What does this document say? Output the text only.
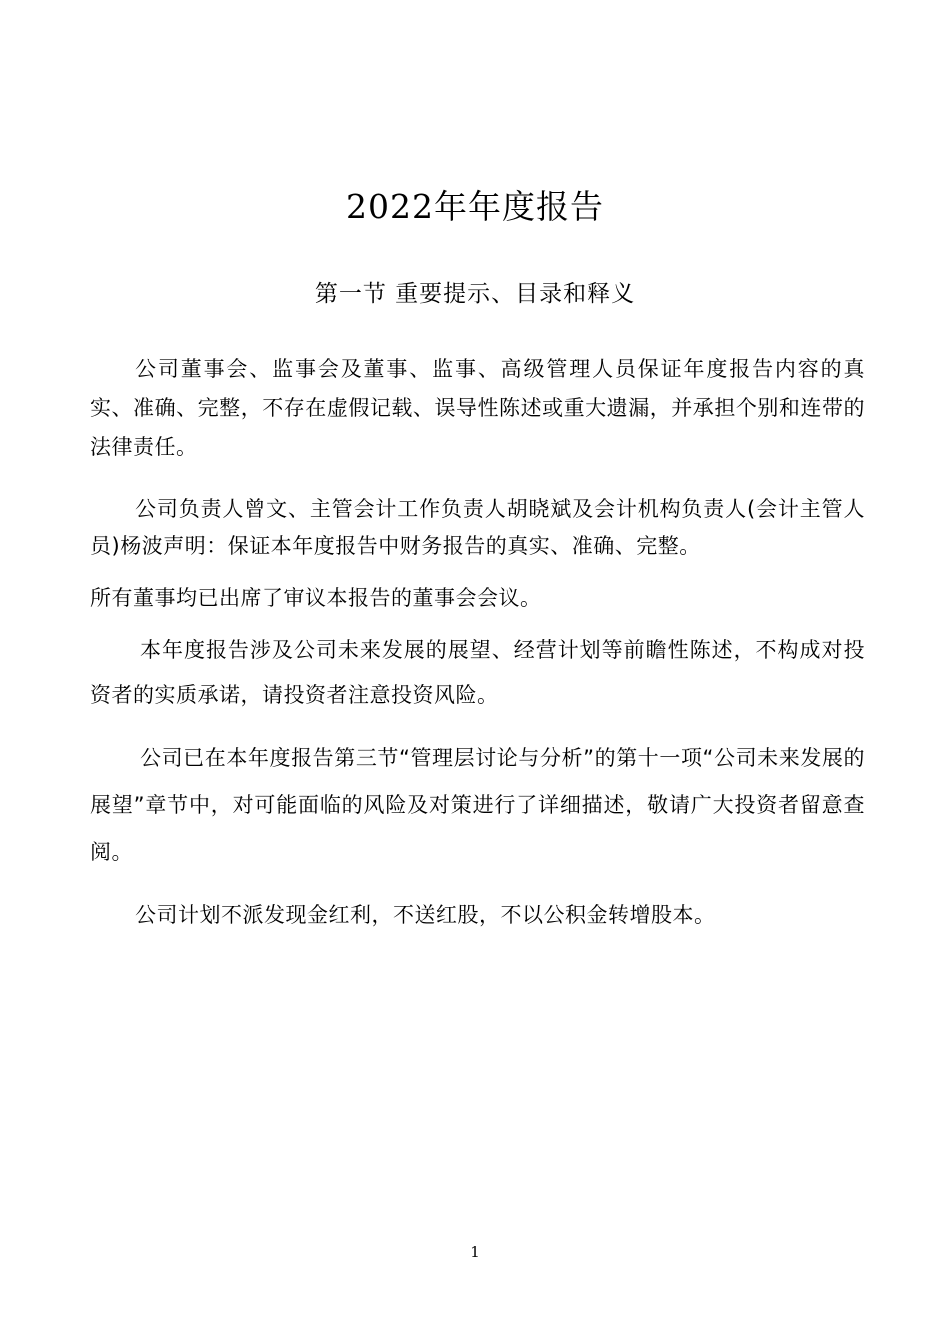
2022年年度报告
第一节 重要提示、目录和释义

公司董事会、监事会及董事、监事、高级管理人员保证年度报告内容的真实、准确、完整，不存在虚假记载、误导性陈述或重大遗漏，并承担个别和连带的法律责任。

公司负责人曾文、主管会计工作负责人胡晓斌及会计机构负责人(会计主管人员)杨波声明：保证本年度报告中财务报告的真实、准确、完整。

所有董事均已出席了审议本报告的董事会会议。

本年度报告涉及公司未来发展的展望、经营计划等前瞻性陈述，不构成对投资者的实质承诺，请投资者注意投资风险。

公司已在本年度报告第三节“管理层讨论与分析”的第十一项“公司未来发展的展望”章节中，对可能面临的风险及对策进行了详细描述，敬请广大投资者留意查阅。

公司计划不派发现金红利，不送红股，不以公积金转增股本。

1
